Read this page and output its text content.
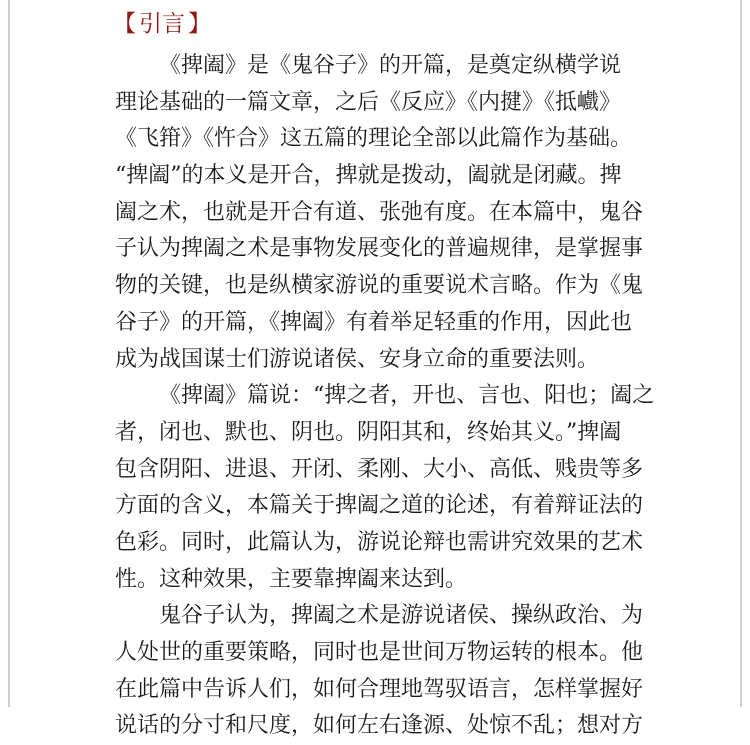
【 引言 】
《捭阖》是《鬼谷子》的开篇，是奠定纵横学说
理论基础的一篇文章，之后《反应》《内揵》《抵巇》
《飞箝》《忤合》这五篇的理论全部以此篇作为基础。
“捭阖”的本义是开合，捭就是拨动，阖就是闭藏。捭
阖之术，也就是开合有道、张弛有度。在本篇中，鬼谷
子认为捭阖之术是事物发展变化的普遍规律，是掌握事
物的关键，也是纵横家游说的重要说术言略。作为《鬼
谷子》的开篇，《捭阖》有着举足轻重的作用，因此也
成为战国谋士们游说诸侯、安身立命的重要法则。
《捭阖》篇说：“捭之者，开也、言也、阳也；阖之
者，闭也、默也、阴也。阴阳其和，终始其义。”捭阖
包含阴阳、进退、开闭、柔刚、大小、高低、贱贵等多
方面的含义，本篇关于捭阖之道的论述，有着辩证法的
色彩。同时，此篇认为，游说论辩也需讲究效果的艺术
性。这种效果，主要靠捭阖来达到。
鬼谷子认为，捭阖之术是游说诸侯、操纵政治、为
人处世的重要策略，同时也是世间万物运转的根本。他
在此篇中告诉人们，如何合理地驾驭语言，怎样掌握好
说话的分寸和尺度，如何左右逢源、处惊不乱；想对方
